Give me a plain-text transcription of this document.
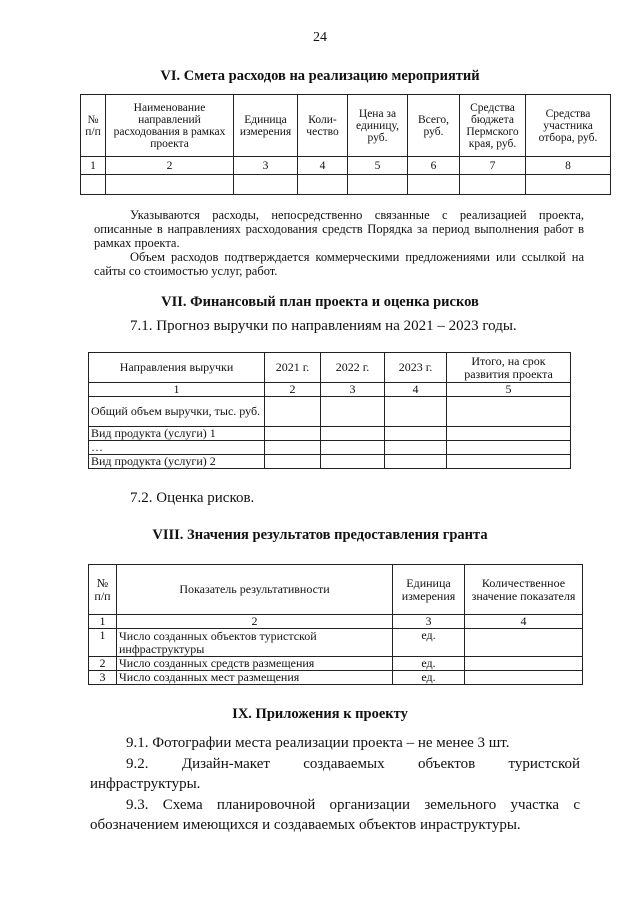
24
VI. Смета расходов на реализацию мероприятий
№ п/п	Наименование направлений расходования в рамках проекта	Единица измерения	Коли-чество	Цена за единицу, руб.	Всего, руб.	Средства бюджета Пермского края, руб.	Средства участника отбора, руб.
1	2	3	4	5	6	7	8

Указываются расходы, непосредственно связанные с реализацией проекта, описанные в направлениях расходования средств Порядка за период выполнения работ в рамках проекта.
Объем расходов подтверждается коммерческими предложениями или ссылкой на сайты со стоимостью услуг, работ.
VII. Финансовый план проекта и оценка рисков
7.1. Прогноз выручки по направлениям на 2021 – 2023 годы.
Направления выручки	2021 г.	2022 г.	2023 г.	Итого, на срок развития проекта
1	2	3	4	5
Общий объем выручки, тыс. руб.				
Вид продукта (услуги) 1				
…				
Вид продукта (услуги) 2				
7.2. Оценка рисков.
VIII. Значения результатов предоставления гранта
№ п/п	Показатель результативности	Единица измерения	Количественное значение показателя
1	2	3	4
1	Число созданных объектов туристской инфраструктуры	ед.	
2	Число созданных средств размещения	ед.	
3	Число созданных мест размещения	ед.	
IX. Приложения к проекту
9.1. Фотографии места реализации проекта – не менее 3 шт.
9.2. Дизайн-макет создаваемых объектов туристской инфраструктуры.
9.3. Схема планировочной организации земельного участка с обозначением имеющихся и создаваемых объектов инраструктуры.
